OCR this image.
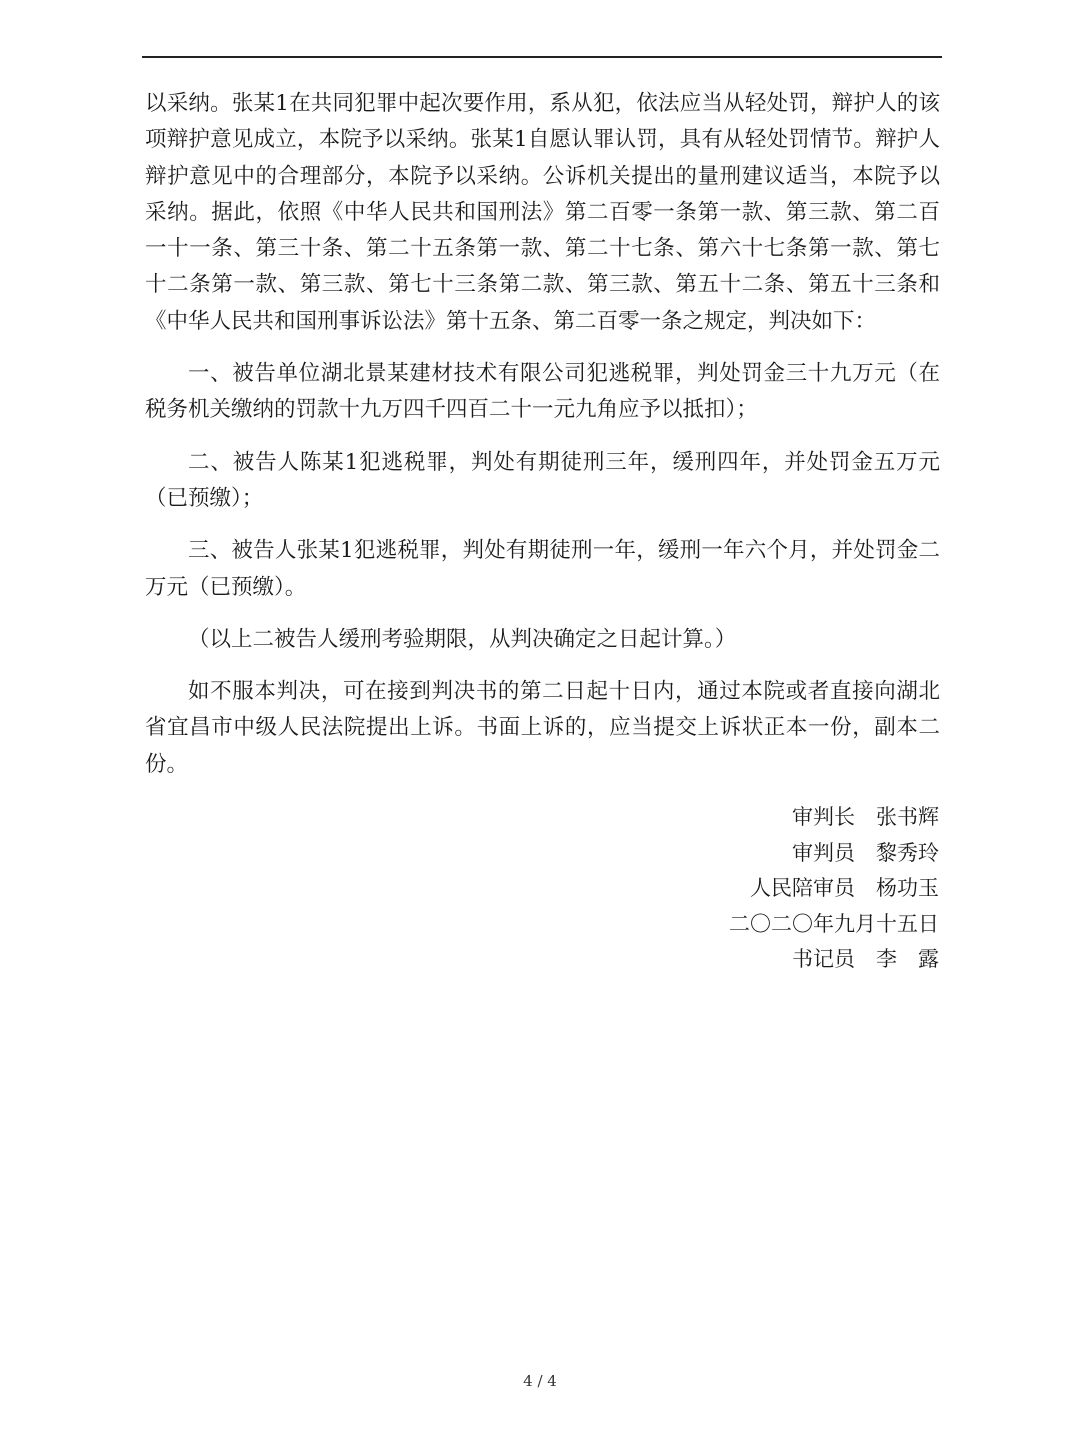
以采纳。张某1在共同犯罪中起次要作用，系从犯，依法应当从轻处罚，辩护人的该项辩护意见成立，本院予以采纳。张某1自愿认罪认罚，具有从轻处罚情节。辩护人辩护意见中的合理部分，本院予以采纳。公诉机关提出的量刑建议适当，本院予以采纳。据此，依照《中华人民共和国刑法》第二百零一条第一款、第三款、第二百一十一条、第三十条、第二十五条第一款、第二十七条、第六十七条第一款、第七十二条第一款、第三款、第七十三条第二款、第三款、第五十二条、第五十三条和《中华人民共和国刑事诉讼法》第十五条、第二百零一条之规定，判决如下：

一、被告单位湖北景某建材技术有限公司犯逃税罪，判处罚金三十九万元（在税务机关缴纳的罚款十九万四千四百二十一元九角应予以抵扣）；

二、被告人陈某1犯逃税罪，判处有期徒刑三年，缓刑四年，并处罚金五万元（已预缴）；

三、被告人张某1犯逃税罪，判处有期徒刑一年，缓刑一年六个月，并处罚金二万元（已预缴）。

（以上二被告人缓刑考验期限，从判决确定之日起计算。）

如不服本判决，可在接到判决书的第二日起十日内，通过本院或者直接向湖北省宜昌市中级人民法院提出上诉。书面上诉的，应当提交上诉状正本一份，副本二份。

审判长　张书辉
审判员　黎秀玲
人民陪审员　杨功玉
二〇二〇年九月十五日
书记员　李　露
4 / 4
